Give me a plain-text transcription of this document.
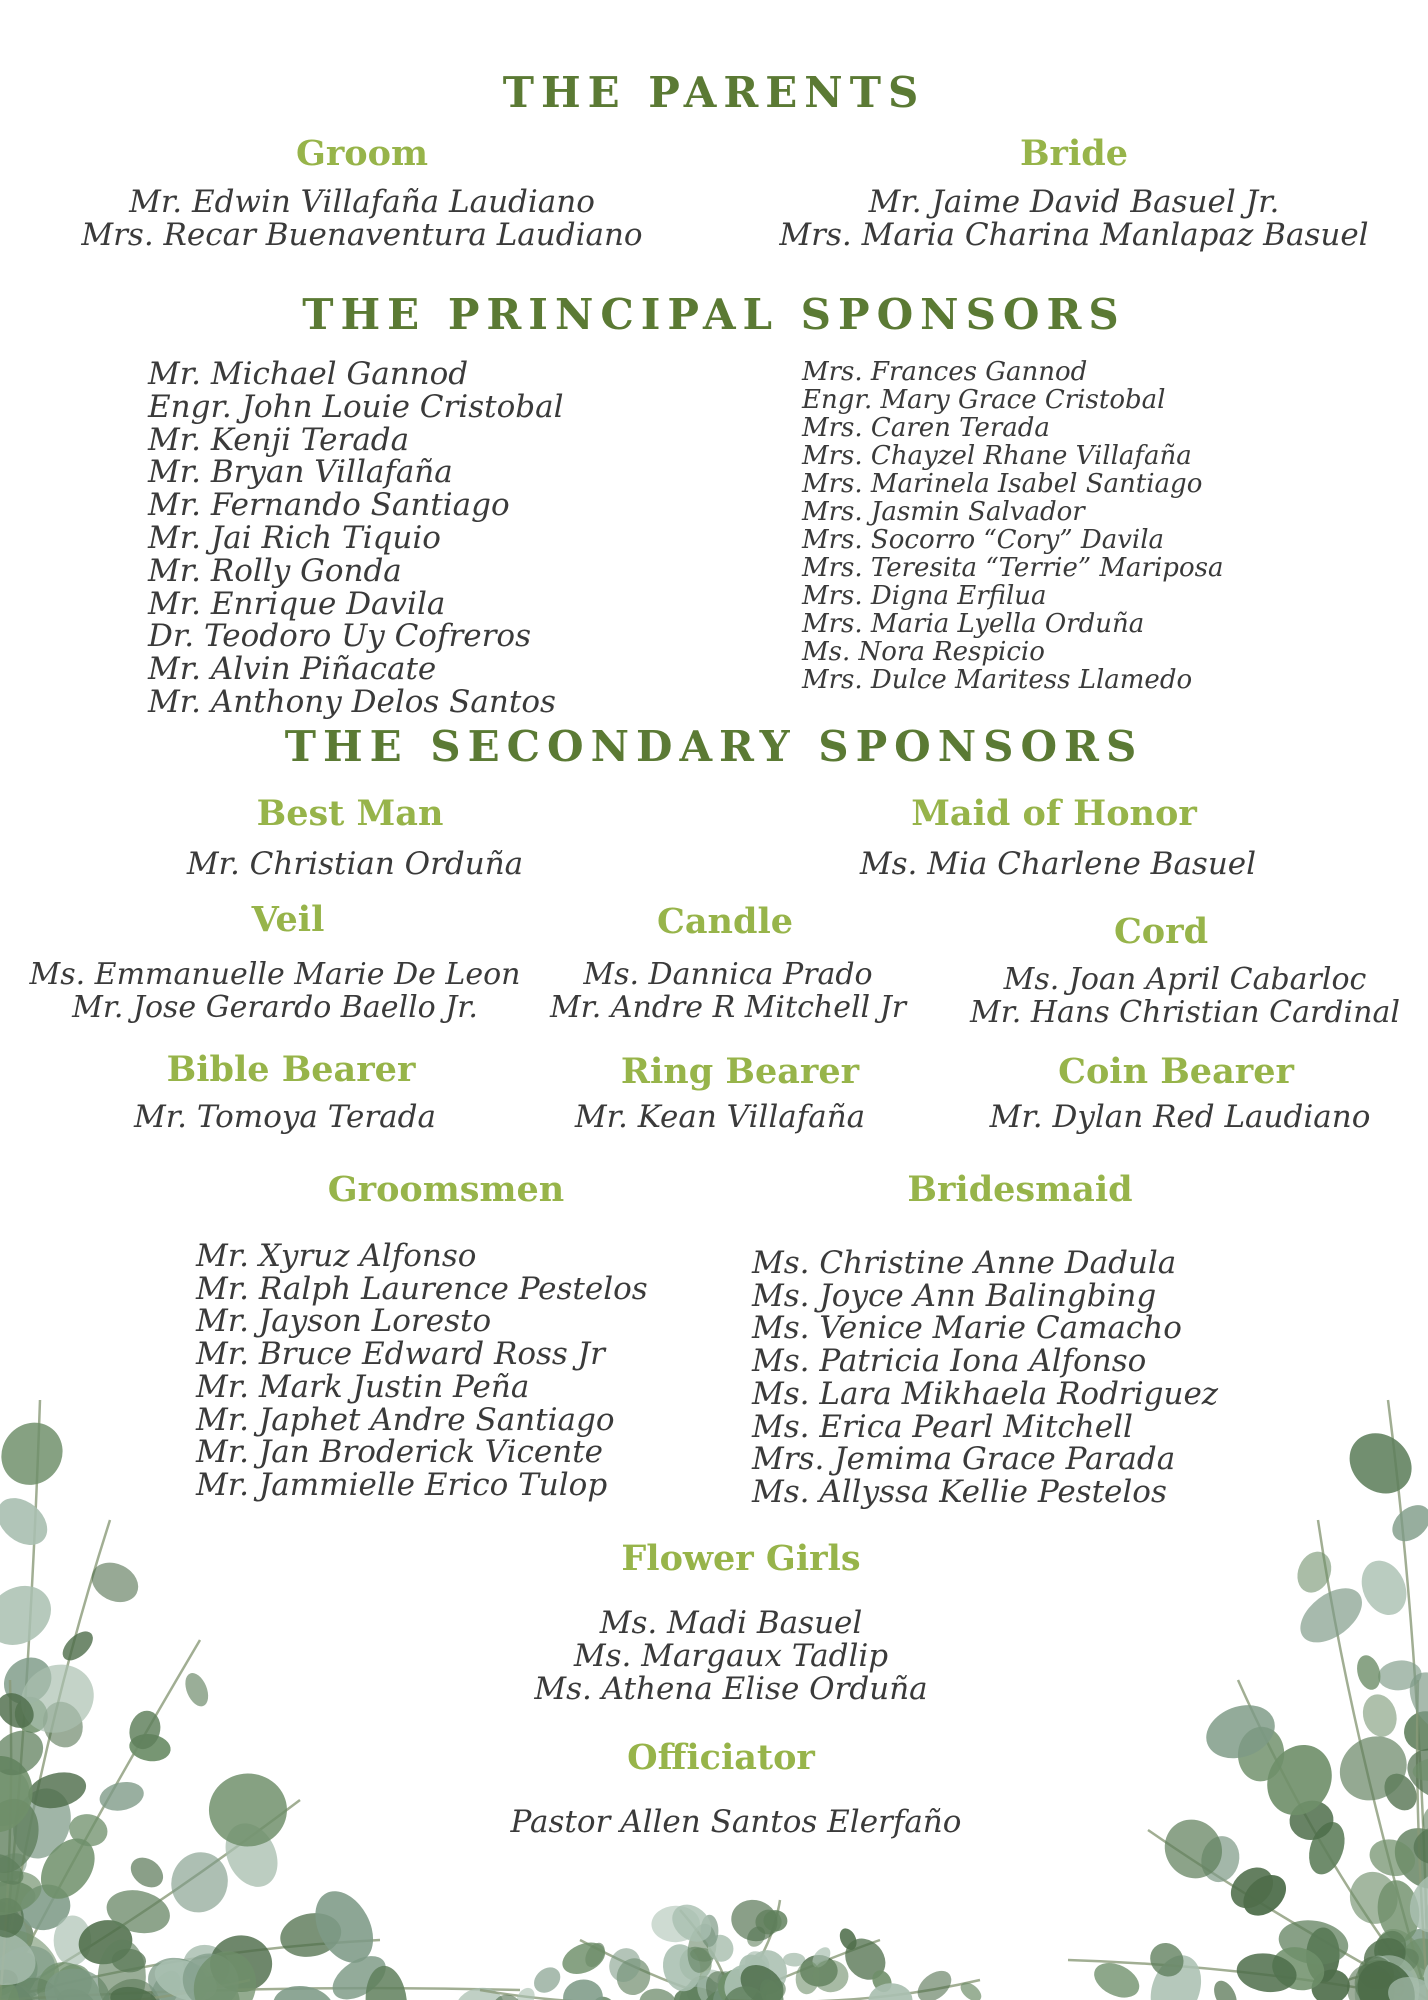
THE PARENTS
Groom
Mr. Edwin Villafaña Laudiano
Mrs. Recar Buenaventura Laudiano
Bride
Mr. Jaime David Basuel Jr.
Mrs. Maria Charina Manlapaz Basuel
THE PRINCIPAL SPONSORS
Mr. Michael Gannod
Engr. John Louie Cristobal
Mr. Kenji Terada
Mr. Bryan Villafaña
Mr. Fernando Santiago
Mr. Jai Rich Tiquio
Mr. Rolly Gonda
Mr. Enrique Davila
Dr. Teodoro Uy Cofreros
Mr. Alvin Piñacate
Mr. Anthony Delos Santos
Mrs. Frances Gannod
Engr. Mary Grace Cristobal
Mrs. Caren Terada
Mrs. Chayzel Rhane Villafaña
Mrs. Marinela Isabel Santiago
Mrs. Jasmin Salvador
Mrs. Socorro “Cory” Davila
Mrs. Teresita “Terrie” Mariposa
Mrs. Digna Erfilua
Mrs. Maria Lyella Orduña
Ms. Nora Respicio
Mrs. Dulce Maritess Llamedo
THE SECONDARY SPONSORS
Best Man
Mr. Christian Orduña
Maid of Honor
Ms. Mia Charlene Basuel
Veil
Ms. Emmanuelle Marie De Leon
Mr. Jose Gerardo Baello Jr.
Candle
Ms. Dannica Prado
Mr. Andre R Mitchell Jr
Cord
Ms. Joan April Cabarloc
Mr. Hans Christian Cardinal
Bible Bearer
Mr. Tomoya Terada
Ring Bearer
Mr. Kean Villafaña
Coin Bearer
Mr. Dylan Red Laudiano
Groomsmen
Mr. Xyruz Alfonso
Mr. Ralph Laurence Pestelos
Mr. Jayson Loresto
Mr. Bruce Edward Ross Jr
Mr. Mark Justin Peña
Mr. Japhet Andre Santiago
Mr. Jan Broderick Vicente
Mr. Jammielle Erico Tulop
Bridesmaid
Ms. Christine Anne Dadula
Ms. Joyce Ann Balingbing
Ms. Venice Marie Camacho
Ms. Patricia Iona Alfonso
Ms. Lara Mikhaela Rodriguez
Ms. Erica Pearl Mitchell
Mrs. Jemima Grace Parada
Ms. Allyssa Kellie Pestelos
Flower Girls
Ms. Madi Basuel
Ms. Margaux Tadlip
Ms. Athena Elise Orduña
Officiator
Pastor Allen Santos Elerfaño
